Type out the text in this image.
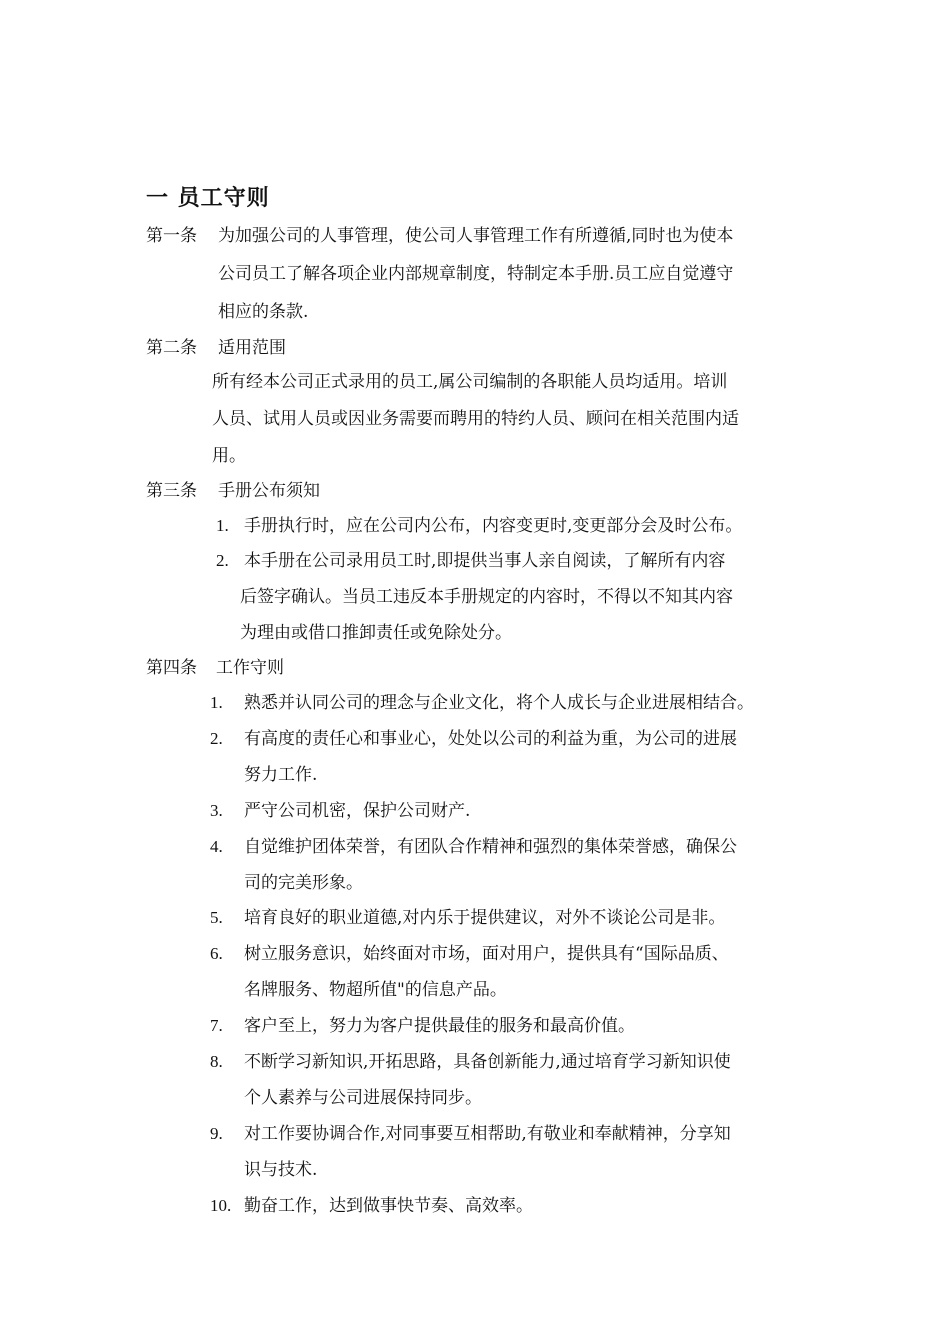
一 员工守则
第一条 为加强公司的人事管理，使公司人事管理工作有所遵循,同时也为使本
公司员工了解各项企业内部规章制度，特制定本手册.员工应自觉遵守
相应的条款.
第二条 适用范围
所有经本公司正式录用的员工,属公司编制的各职能人员均适用。培训
人员、试用人员或因业务需要而聘用的特约人员、顾问在相关范围内适
用。
第三条 手册公布须知
1. 手册执行时，应在公司内公布，内容变更时,变更部分会及时公布。
2. 本手册在公司录用员工时,即提供当事人亲自阅读，了解所有内容
后签字确认。当员工违反本手册规定的内容时，不得以不知其内容
为理由或借口推卸责任或免除处分。
第四条 工作守则
1. 熟悉并认同公司的理念与企业文化，将个人成长与企业进展相结合。
2. 有高度的责任心和事业心，处处以公司的利益为重，为公司的进展
努力工作.
3. 严守公司机密，保护公司财产.
4. 自觉维护团体荣誉，有团队合作精神和强烈的集体荣誉感，确保公
司的完美形象。
5. 培育良好的职业道德,对内乐于提供建议，对外不谈论公司是非。
6. 树立服务意识，始终面对市场，面对用户，提供具有“国际品质、
名牌服务、物超所值"的信息产品。
7. 客户至上，努力为客户提供最佳的服务和最高价值。
8. 不断学习新知识,开拓思路，具备创新能力,通过培育学习新知识使
个人素养与公司进展保持同步。
9. 对工作要协调合作,对同事要互相帮助,有敬业和奉献精神，分享知
识与技术.
10. 勤奋工作，达到做事快节奏、高效率。
